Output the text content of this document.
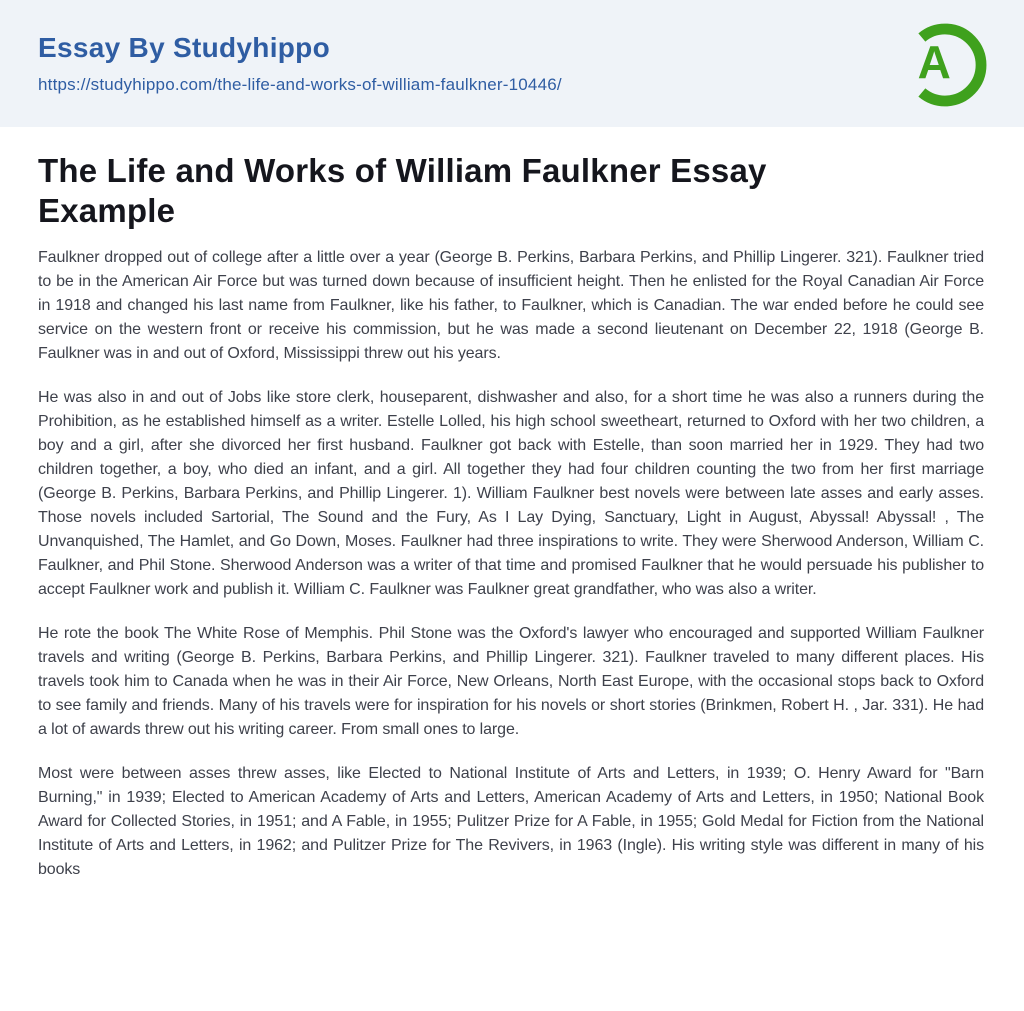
Essay By Studyhippo
https://studyhippo.com/the-life-and-works-of-william-faulkner-10446/	A
The Life and Works of William Faulkner Essay
Example

Faulkner dropped out of college after a little over a year (George B. Perkins, Barbara Perkins, and Phillip Lingerer. 321). Faulkner tried to be in the American Air Force but was turned down because of insufficient height. Then he enlisted for the Royal Canadian Air Force in 1918 and changed his last name from Faulkner, like his father, to Faulkner, which is Canadian. The war ended before he could see service on the western front or receive his commission, but he was made a second lieutenant on December 22, 1918 (George B. Faulkner was in and out of Oxford, Mississippi threw out his years.

He was also in and out of Jobs like store clerk, houseparent, dishwasher and also, for a short time he was also a runners during the Prohibition, as he established himself as a writer. Estelle Lolled, his high school sweetheart, returned to Oxford with her two children, a boy and a girl, after she divorced her first husband. Faulkner got back with Estelle, than soon married her in 1929. They had two children together, a boy, who died an infant, and a girl. All together they had four children counting the two from her first marriage (George B. Perkins, Barbara Perkins, and Phillip Lingerer. 1). William Faulkner best novels were between late asses and early asses. Those novels included Sartorial, The Sound and the Fury, As I Lay Dying, Sanctuary, Light in August, Abyssal! Abyssal! , The Unvanquished, The Hamlet, and Go Down, Moses. Faulkner had three inspirations to write. They were Sherwood Anderson, William C. Faulkner, and Phil Stone. Sherwood Anderson was a writer of that time and promised Faulkner that he would persuade his publisher to accept Faulkner work and publish it. William C. Faulkner was Faulkner great grandfather, who was also a writer.

He rote the book The White Rose of Memphis. Phil Stone was the Oxford's lawyer who encouraged and supported William Faulkner travels and writing (George B. Perkins, Barbara Perkins, and Phillip Lingerer. 321). Faulkner traveled to many different places. His travels took him to Canada when he was in their Air Force, New Orleans, North East Europe, with the occasional stops back to Oxford to see family and friends. Many of his travels were for inspiration for his novels or short stories (Brinkmen, Robert H. , Jar. 331). He had a lot of awards threw out his writing career. From small ones to large.

Most were between asses threw asses, like Elected to National Institute of Arts and Letters, in 1939; O. Henry Award for "Barn Burning," in 1939; Elected to American Academy of Arts and Letters, American Academy of Arts and Letters, in 1950; National Book Award for Collected Stories, in 1951; and A Fable, in 1955; Pulitzer Prize for A Fable, in 1955; Gold Medal for Fiction from the National Institute of Arts and Letters, in 1962; and Pulitzer Prize for The Revivers, in 1963 (Ingle). His writing style was different in many of his books
